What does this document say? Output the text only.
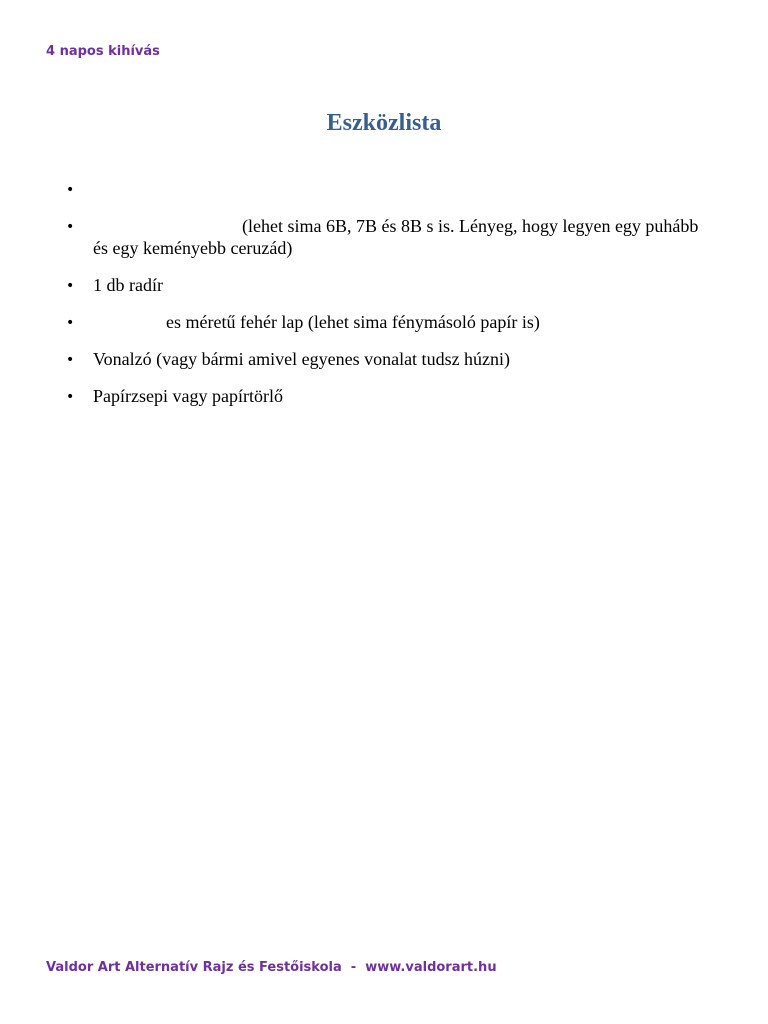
4 napos kihívás
Eszközlista
•
•	(lehet sima 6B, 7B és 8B s is. Lényeg, hogy legyen egy puhább és egy keményebb ceruzád)
• 1 db radír
•	es méretű fehér lap (lehet sima fénymásoló papír is)
• Vonalzó (vagy bármi amivel egyenes vonalat tudsz húzni)
• Papírzsepi vagy papírtörlő
Valdor Art Alternatív Rajz és Festőiskola  -  www.valdorart.hu
